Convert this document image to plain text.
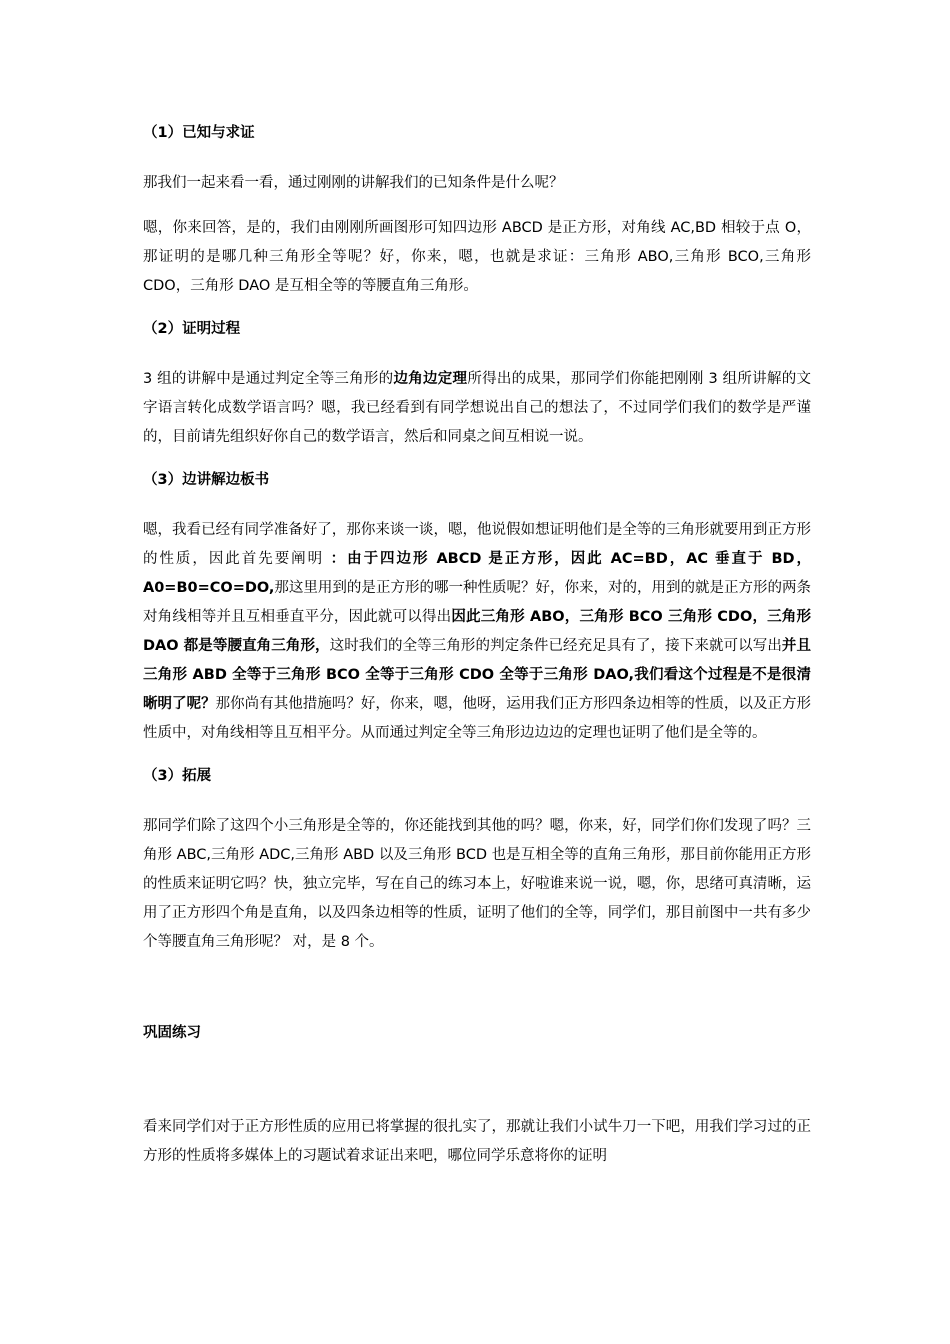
（1）已知与求证

那我们一起来看一看，通过刚刚的讲解我们的已知条件是什么呢？

嗯，你来回答，是的，我们由刚刚所画图形可知四边形 ABCD 是正方形，对角线 AC,BD 相较于点 O，那证明的是哪几种三角形全等呢？好，你来，嗯，也就是求证：三角形 ABO,三角形 BCO,三角形 CDO，三角形 DAO 是互相全等的等腰直角三角形。

（2）证明过程

3 组的讲解中是通过判定全等三角形的边角边定理所得出的成果，那同学们你能把刚刚 3 组所讲解的文字语言转化成数学语言吗？嗯，我已经看到有同学想说出自己的想法了，不过同学们我们的数学是严谨的，目前请先组织好你自己的数学语言，然后和同桌之间互相说一说。

（3）边讲解边板书

嗯，我看已经有同学准备好了，那你来谈一谈，嗯，他说假如想证明他们是全等的三角形就要用到正方形的性质，因此首先要阐明 ：由于四边形 ABCD 是正方形，因此 AC=BD，AC 垂直于 BD，A0=B0=CO=DO,那这里用到的是正方形的哪一种性质呢？好，你来，对的，用到的就是正方形的两条对角线相等并且互相垂直平分，因此就可以得出因此三角形 ABO，三角形 BCO 三角形 CDO，三角形 DAO 都是等腰直角三角形，这时我们的全等三角形的判定条件已经充足具有了，接下来就可以写出并且三角形 ABD 全等于三角形 BCO 全等于三角形 CDO 全等于三角形 DAO,我们看这个过程是不是很清晰明了呢？那你尚有其他措施吗？好，你来，嗯，他呀，运用我们正方形四条边相等的性质，以及正方形性质中，对角线相等且互相平分。从而通过判定全等三角形边边边的定理也证明了他们是全等的。

（3）拓展

那同学们除了这四个小三角形是全等的，你还能找到其他的吗？嗯，你来，好，同学们你们发现了吗？三角形 ABC,三角形 ADC,三角形 ABD 以及三角形 BCD 也是互相全等的直角三角形，那目前你能用正方形的性质来证明它吗？快，独立完毕，写在自己的练习本上，好啦谁来说一说，嗯，你，思绪可真清晰，运用了正方形四个角是直角，以及四条边相等的性质，证明了他们的全等，同学们，那目前图中一共有多少个等腰直角三角形呢？ 对，是 8 个。

巩固练习

看来同学们对于正方形性质的应用已将掌握的很扎实了，那就让我们小试牛刀一下吧，用我们学习过的正方形的性质将多媒体上的习题试着求证出来吧，哪位同学乐意将你的证明
